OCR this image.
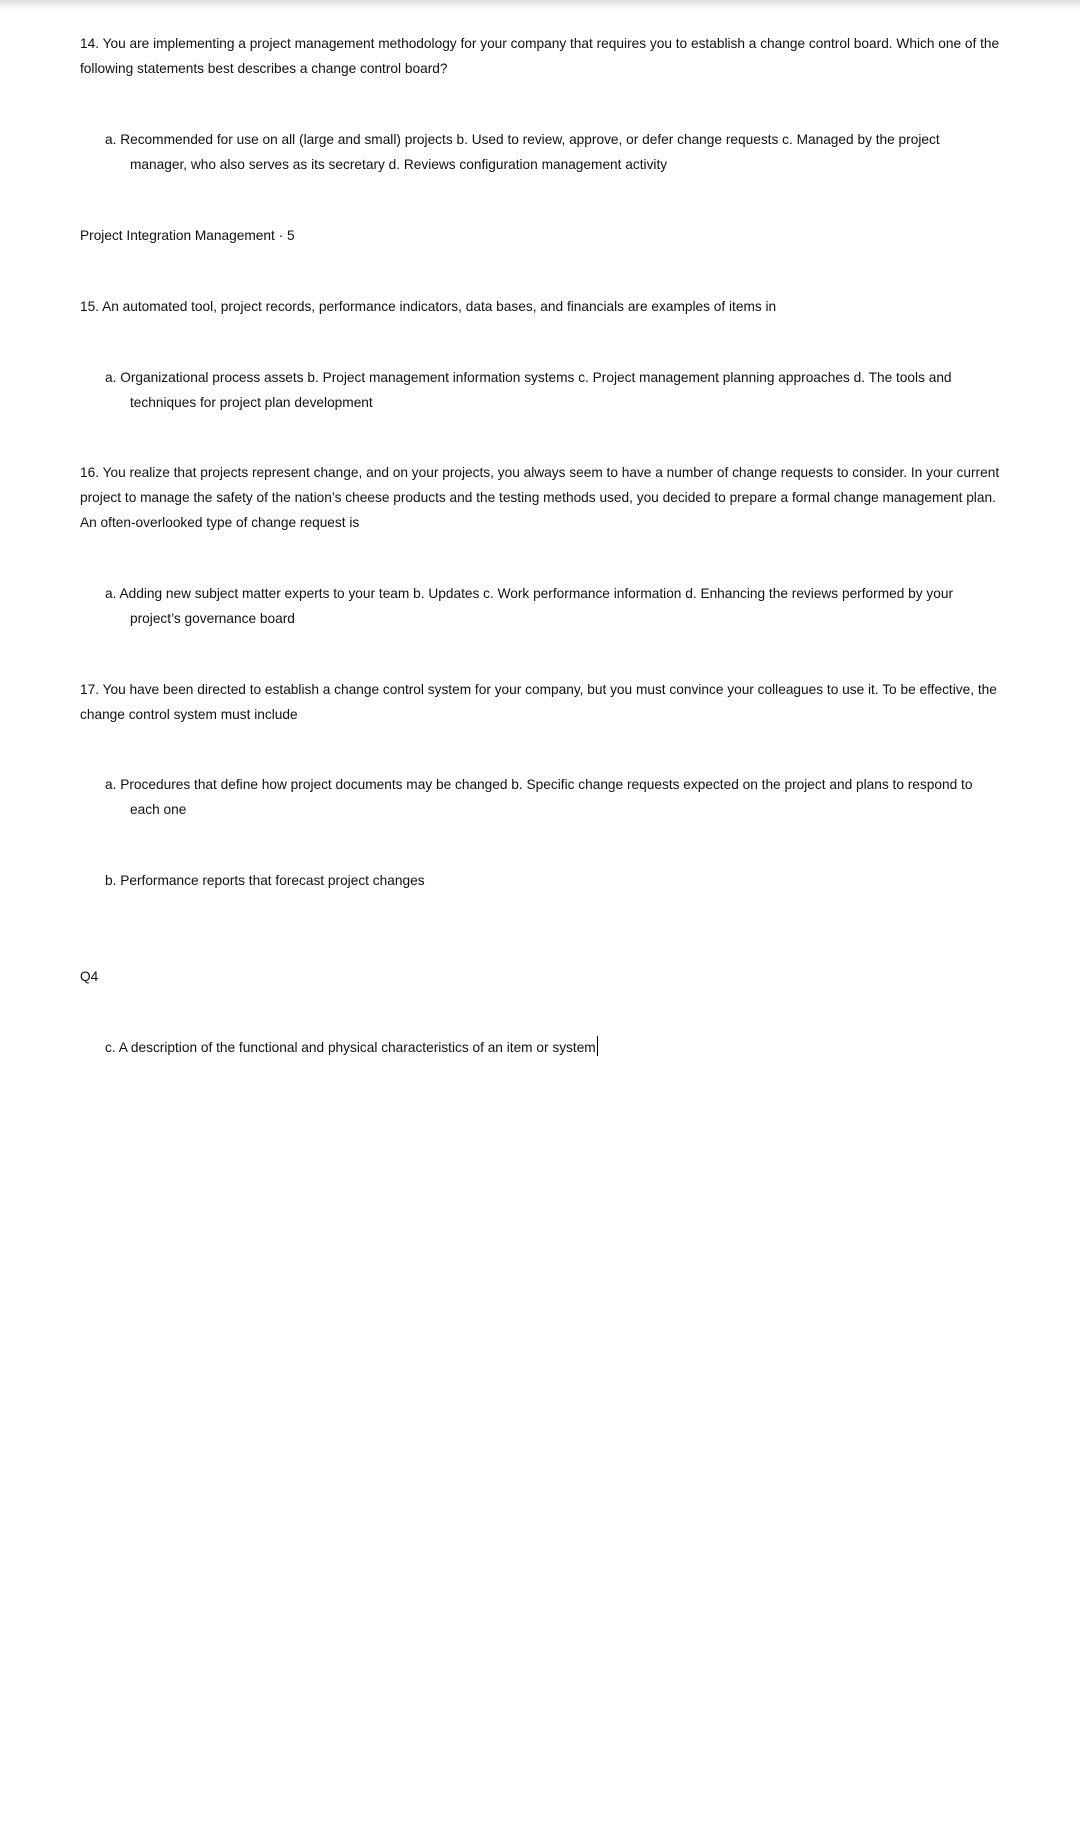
14. You are implementing a project management methodology for your company that requires you to establish a change control board. Which one of the following statements best describes a change control board?

a. Recommended for use on all (large and small) projects b. Used to review, approve, or defer change requests c. Managed by the project manager, who also serves as its secretary d. Reviews configuration management activity

Project Integration Management · 5

15. An automated tool, project records, performance indicators, data bases, and financials are examples of items in

a. Organizational process assets b. Project management information systems c. Project management planning approaches d. The tools and techniques for project plan development

16. You realize that projects represent change, and on your projects, you always seem to have a number of change requests to consider. In your current project to manage the safety of the nation’s cheese products and the testing methods used, you decided to prepare a formal change management plan. An often-overlooked type of change request is

a. Adding new subject matter experts to your team b. Updates c. Work performance information d. Enhancing the reviews performed by your project’s governance board

17. You have been directed to establish a change control system for your company, but you must convince your colleagues to use it. To be effective, the change control system must include

a. Procedures that define how project documents may be changed b. Specific change requests expected on the project and plans to respond to each one

b. Performance reports that forecast project changes

Q4

c. A description of the functional and physical characteristics of an item or system
